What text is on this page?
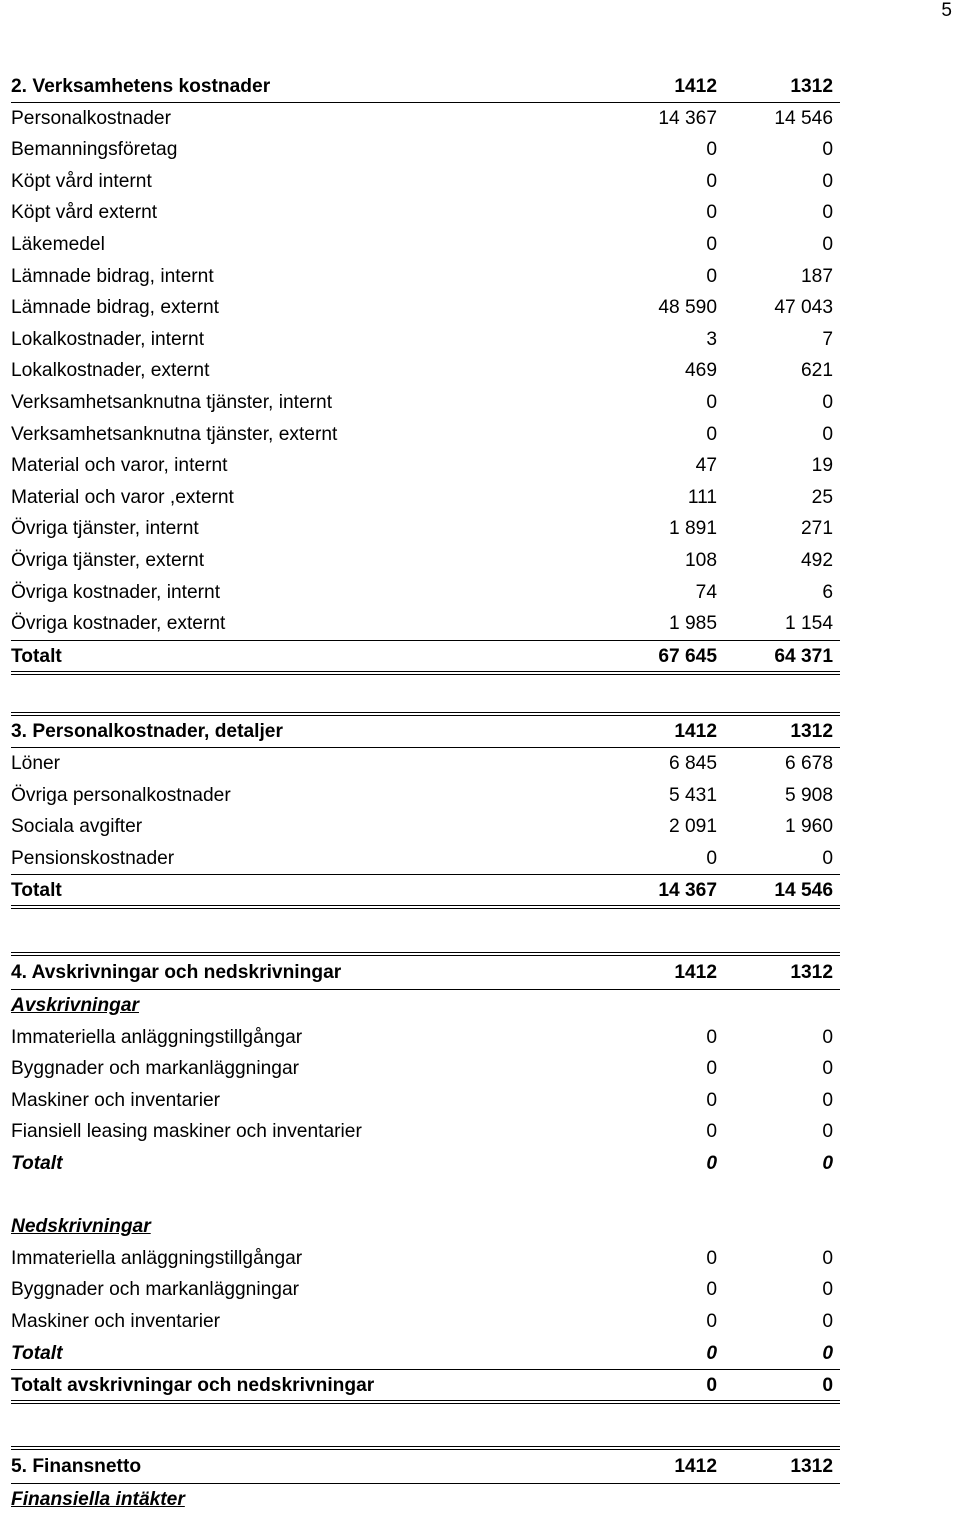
5
2. Verksamhetens kostnader	1412	1312
Personalkostnader	14 367	14 546
Bemanningsföretag	0	0
Köpt vård internt	0	0
Köpt vård externt	0	0
Läkemedel	0	0
Lämnade bidrag, internt	0	187
Lämnade bidrag, externt	48 590	47 043
Lokalkostnader, internt	3	7
Lokalkostnader, externt	469	621
Verksamhetsanknutna tjänster, internt	0	0
Verksamhetsanknutna tjänster, externt	0	0
Material och varor, internt	47	19
Material och varor ,externt	111	25
Övriga tjänster, internt	1 891	271
Övriga tjänster, externt	108	492
Övriga kostnader, internt	74	6
Övriga kostnader, externt	1 985	1 154
Totalt	67 645	64 371
3. Personalkostnader, detaljer	1412	1312
Löner	6 845	6 678
Övriga personalkostnader	5 431	5 908
Sociala avgifter	2 091	1 960
Pensionskostnader	0	0
Totalt	14 367	14 546
4. Avskrivningar och nedskrivningar	1412	1312
Avskrivningar
Immateriella anläggningstillgångar	0	0
Byggnader och markanläggningar	0	0
Maskiner och inventarier	0	0
Fiansiell leasing maskiner och inventarier	0	0
Totalt	0	0
Nedskrivningar
Immateriella anläggningstillgångar	0	0
Byggnader och markanläggningar	0	0
Maskiner och inventarier	0	0
Totalt	0	0
Totalt avskrivningar och nedskrivningar	0	0
5. Finansnetto	1412	1312
Finansiella intäkter
